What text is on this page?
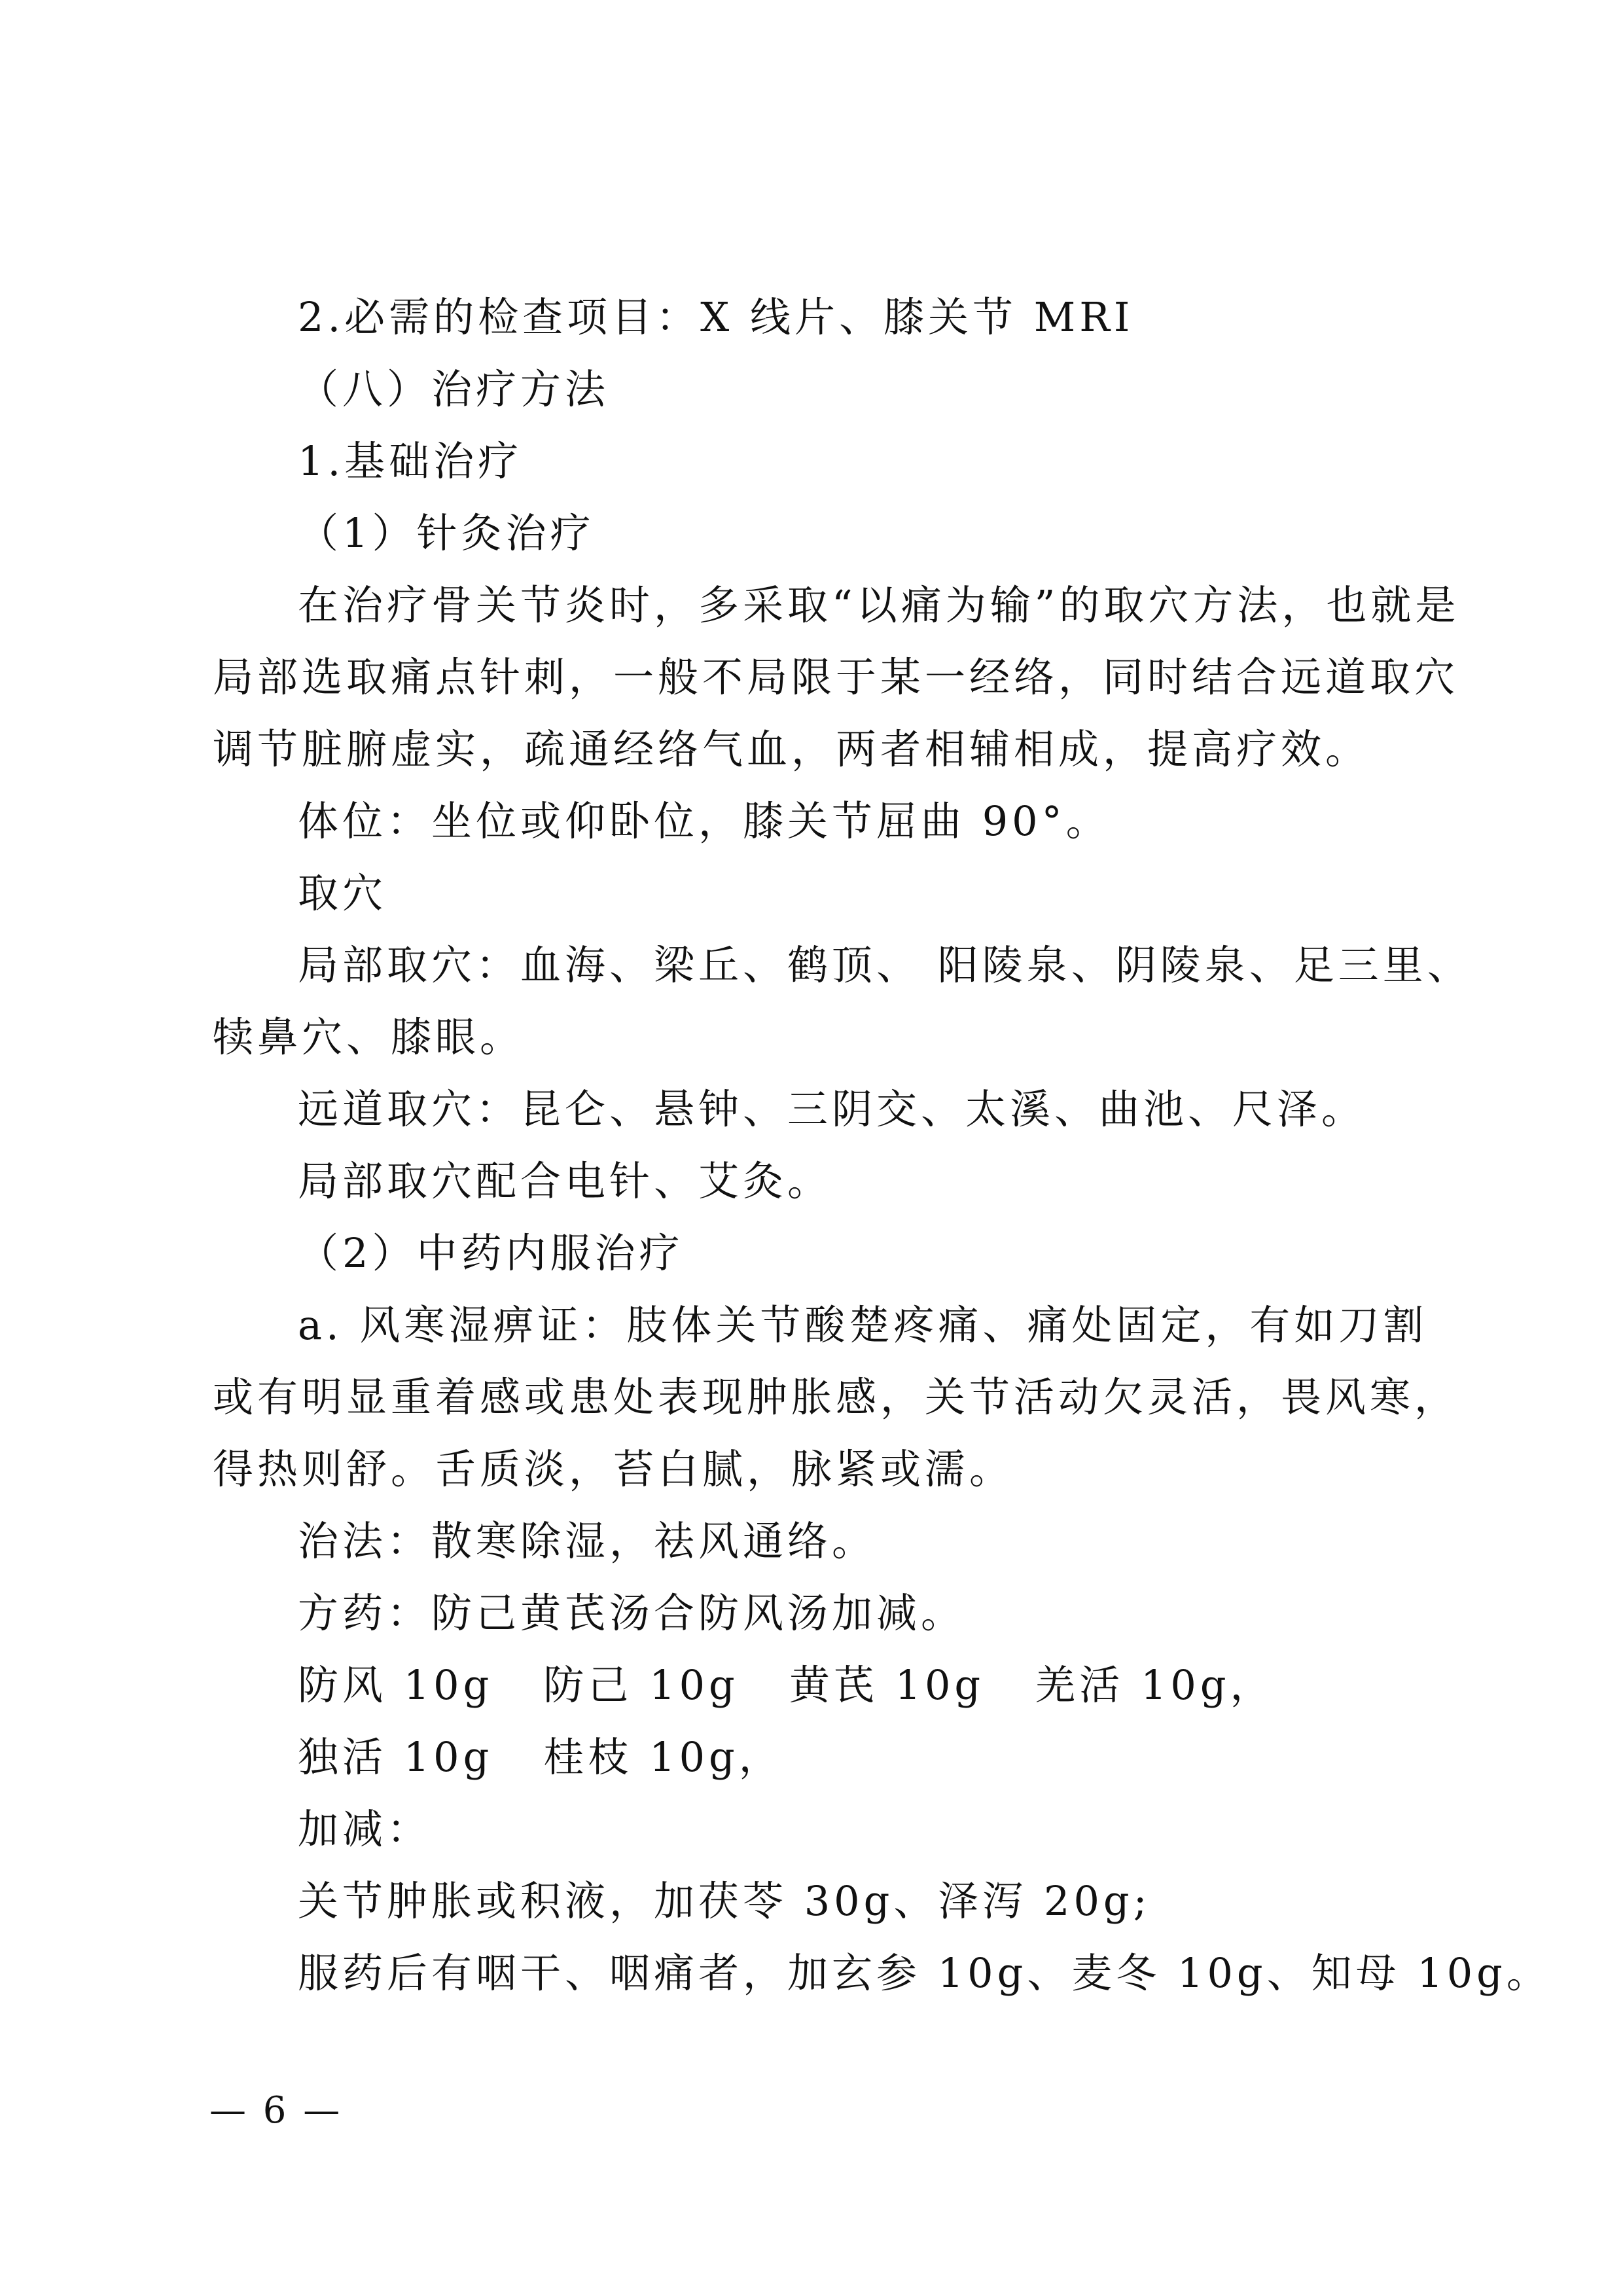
2.必需的检查项目：X 线片、膝关节 MRI
（八）治疗方法
1.基础治疗
（1）针灸治疗
在治疗骨关节炎时，多采取“以痛为输”的取穴方法，也就是
局部选取痛点针刺，一般不局限于某一经络，同时结合远道取穴
调节脏腑虚实，疏通经络气血，两者相辅相成，提高疗效。
体位：坐位或仰卧位，膝关节屈曲 90°。
取穴
局部取穴：血海、梁丘、鹤顶、 阳陵泉、阴陵泉、足三里、
犊鼻穴、膝眼。
远道取穴：昆仑、悬钟、三阴交、太溪、曲池、尺泽。
局部取穴配合电针、艾灸。
（2）中药内服治疗
a. 风寒湿痹证：肢体关节酸楚疼痛、痛处固定，有如刀割
或有明显重着感或患处表现肿胀感，关节活动欠灵活，畏风寒，
得热则舒。舌质淡，苔白腻，脉紧或濡。
治法：散寒除湿，祛风通络。
方药：防己黄芪汤合防风汤加减。
防风 10g   防己 10g   黄芪 10g   羌活 10g，
独活 10g   桂枝 10g，
加减：
关节肿胀或积液，加茯苓 30g、泽泻 20g;
服药后有咽干、咽痛者，加玄参 10g、麦冬 10g、知母 10g。
— 6 —
